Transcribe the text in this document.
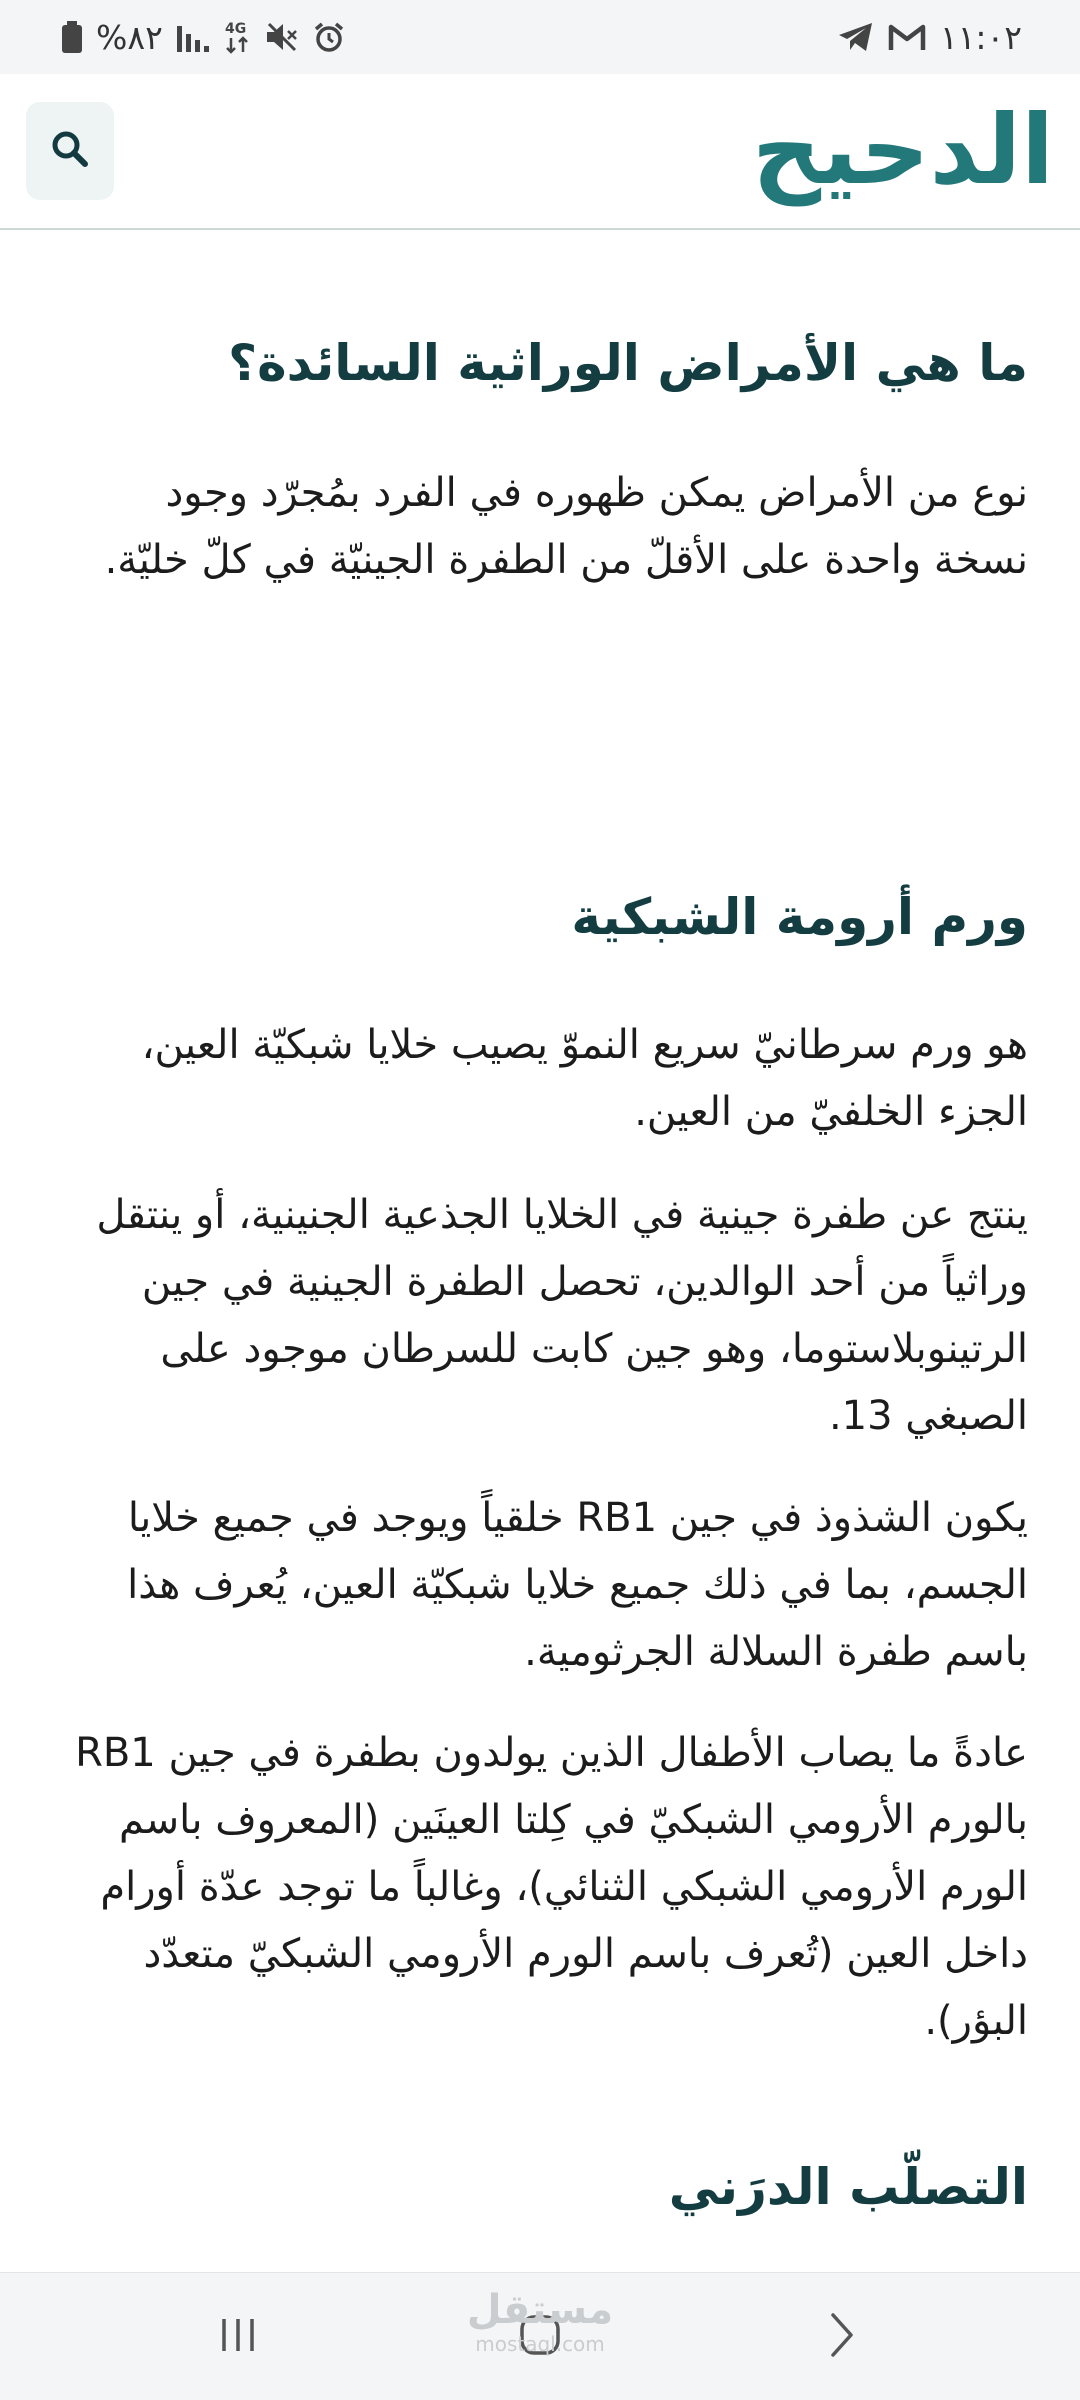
%٨٢	4G	١١:٠٢
الدحيح
ما هي الأمراض الوراثية السائدة؟

نوع من الأمراض يمكن ظهوره في الفرد بمُجرّد وجود نسخة واحدة على الأقلّ من الطفرة الجينيّة في كلّ خليّة.

ورم أرومة الشبكية

هو ورم سرطانيّ سريع النموّ يصيب خلايا شبكيّة العين، الجزء الخلفيّ من العين.

ينتج عن طفرة جينية في الخلايا الجذعية الجنينية، أو ينتقل وراثياً من أحد الوالدين، تحصل الطفرة الجينية في جين الرتينوبلاستوما، وهو جين كابت للسرطان موجود على الصبغي 13.

يكون الشذوذ في جين RB1 خلقياً ويوجد في جميع خلايا الجسم، بما في ذلك جميع خلايا شبكيّة العين، يُعرف هذا باسم طفرة السلالة الجرثومية.

عادةً ما يصاب الأطفال الذين يولدون بطفرة في جين RB1 بالورم الأرومي الشبكيّ في كِلتا العينَين (المعروف باسم الورم الأرومي الشبكي الثنائي)، وغالباً ما توجد عدّة أورام داخل العين (تُعرف باسم الورم الأرومي الشبكيّ متعدّد البؤر).

التصلّب الدرَني
مستقل
mostaql.com
